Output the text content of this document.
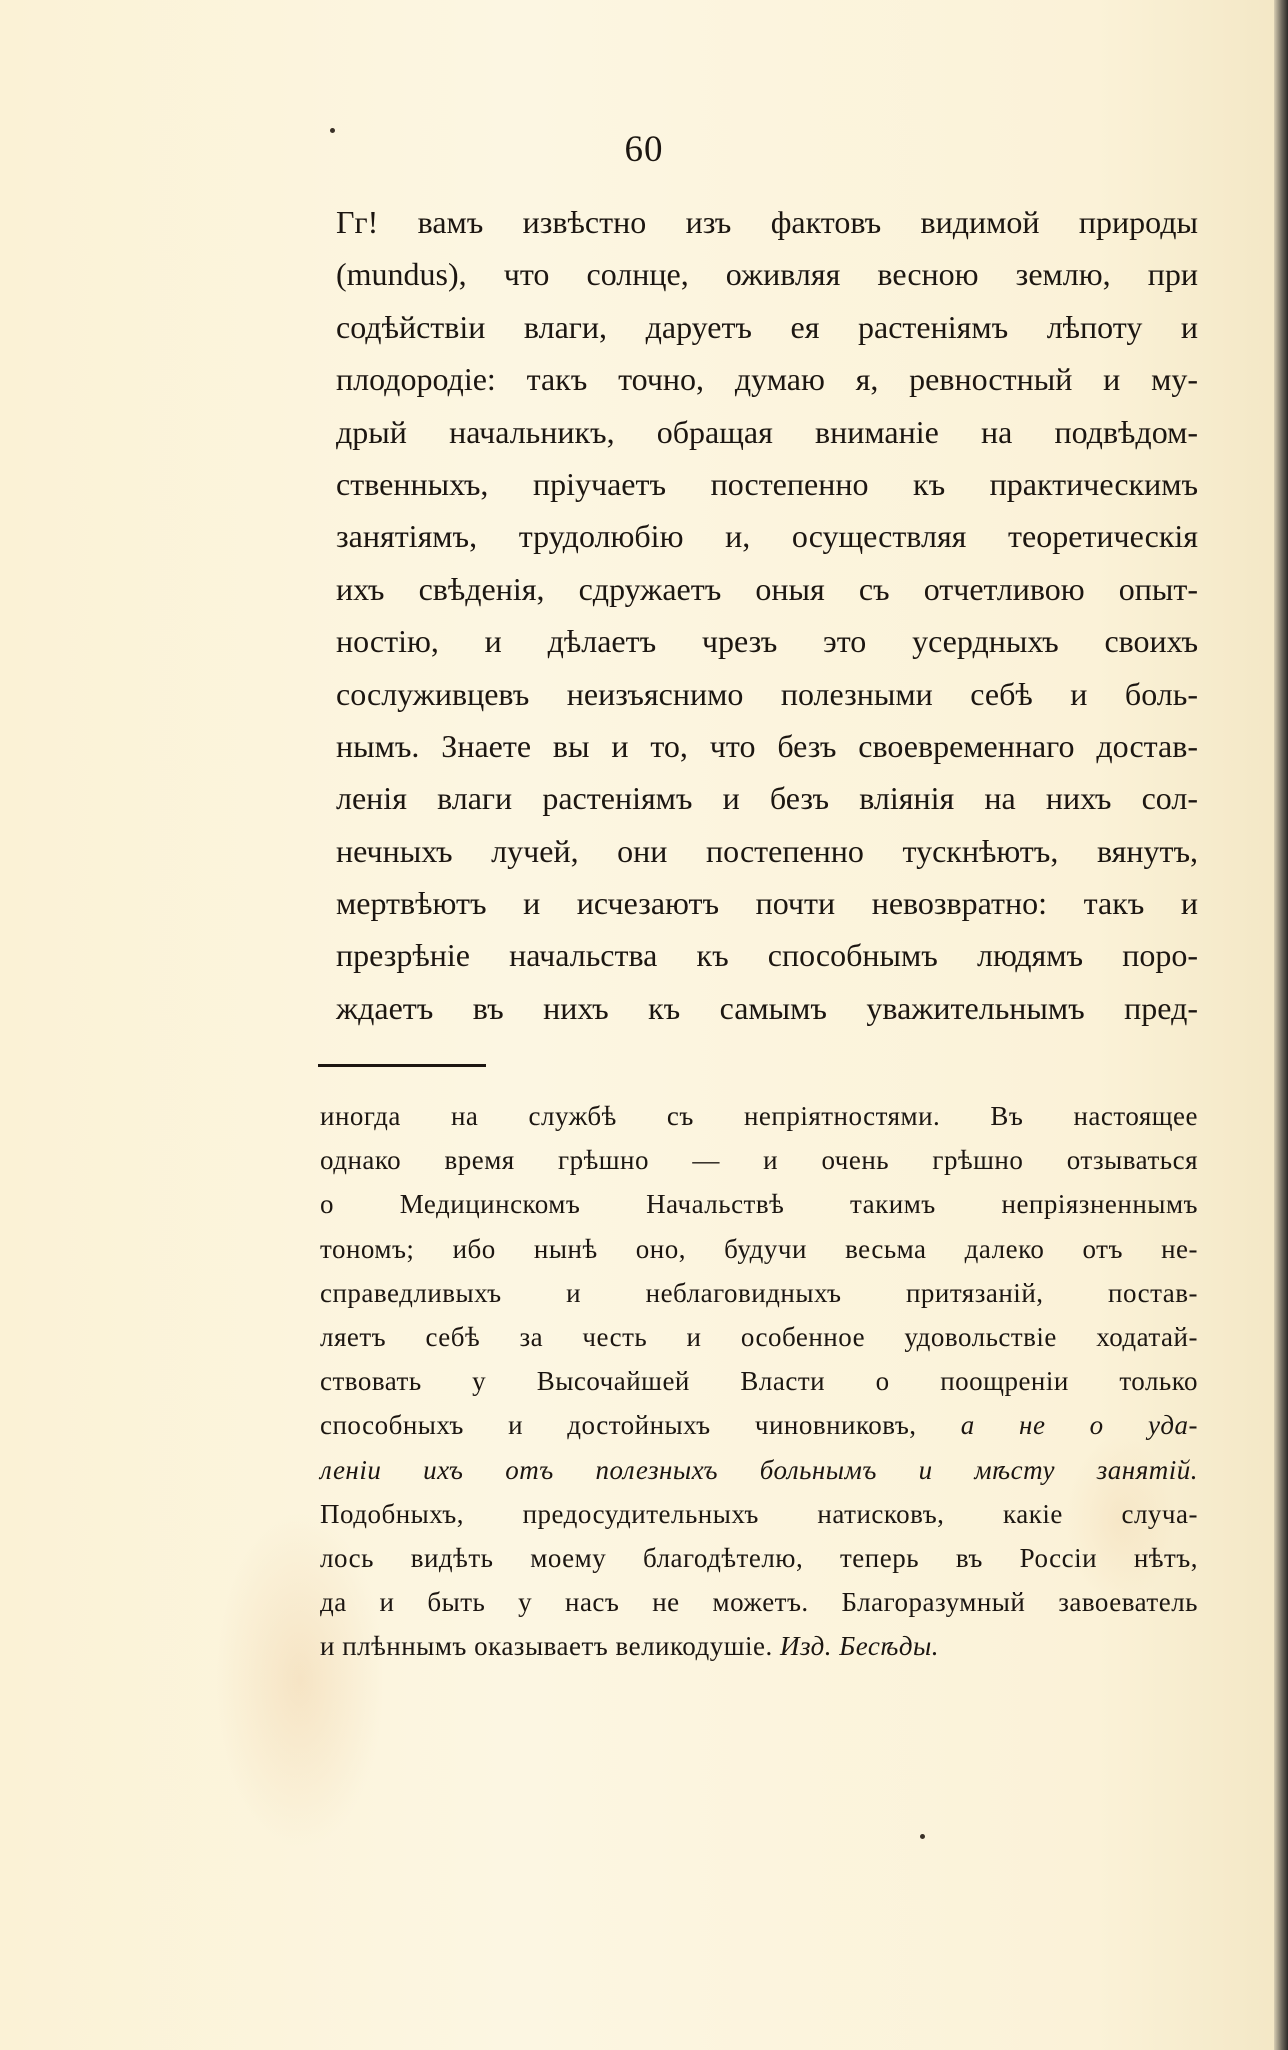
60
Гг! вамъ извѣстно изъ фактовъ видимой природы
(mundus), что солнце, оживляя весною землю, при
содѣйствіи влаги, даруетъ ея растеніямъ лѣпоту и
плодородіе: такъ точно, думаю я, ревностный и му-
дрый начальникъ, обращая вниманіе на подвѣдом-
ственныхъ, пріучаетъ постепенно къ практическимъ
занятіямъ, трудолюбію и, осуществляя теоретическія
ихъ свѣденія, сдружаетъ оныя съ отчетливою опыт-
ностію, и дѣлаетъ чрезъ это усердныхъ своихъ
сослуживцевъ неизъяснимо полезными себѣ и боль-
нымъ. Знаете вы и то, что безъ своевременнаго достав-
ленія влаги растеніямъ и безъ вліянія на нихъ сол-
нечныхъ лучей, они постепенно тускнѣютъ, вянутъ,
мертвѣютъ и исчезаютъ почти невозвратно: такъ и
презрѣніе начальства къ способнымъ людямъ поро-
ждаетъ въ нихъ къ самымъ уважительнымъ пред-
иногда на службѣ съ непріятностями. Въ настоящее
однако время грѣшно — и очень грѣшно отзываться
о Медицинскомъ Начальствѣ такимъ непріязненнымъ
тономъ; ибо нынѣ оно, будучи весьма далеко отъ не-
справедливыхъ и неблаговидныхъ притязаній, постав-
ляетъ себѣ за честь и особенное удовольствіе ходатай-
ствовать у Высочайшей Власти о поощреніи только
способныхъ и достойныхъ чиновниковъ, а не о уда-
леніи ихъ отъ полезныхъ больнымъ и мѣсту занятій.
Подобныхъ, предосудительныхъ натисковъ, какіе случа-
лось видѣть моему благодѣтелю, теперь въ Россіи нѣтъ,
да и быть у насъ не можетъ. Благоразумный завоеватель
и плѣннымъ оказываетъ великодушіе. Изд. Бесѣды.
